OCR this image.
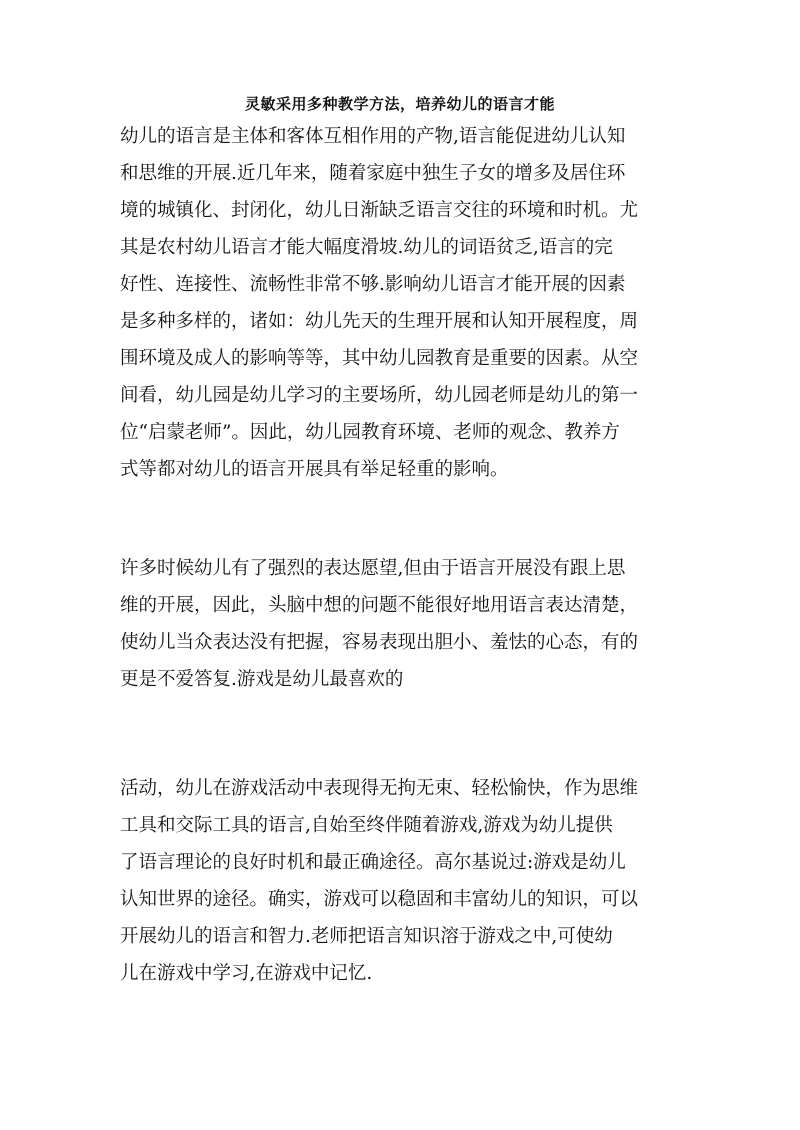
灵敏采用多种教学方法，培养幼儿的语言才能
幼儿的语言是主体和客体互相作用的产物,语言能促进幼儿认知
和思维的开展.近几年来，随着家庭中独生子女的增多及居住环
境的城镇化、封闭化，幼儿日渐缺乏语言交往的环境和时机。尤
其是农村幼儿语言才能大幅度滑坡.幼儿的词语贫乏,语言的完
好性、连接性、流畅性非常不够.影响幼儿语言才能开展的因素
是多种多样的，诸如：幼儿先天的生理开展和认知开展程度，周
围环境及成人的影响等等，其中幼儿园教育是重要的因素。从空
间看，幼儿园是幼儿学习的主要场所，幼儿园老师是幼儿的第一
位“启蒙老师”。因此，幼儿园教育环境、老师的观念、教养方
式等都对幼儿的语言开展具有举足轻重的影响。
许多时候幼儿有了强烈的表达愿望,但由于语言开展没有跟上思
维的开展，因此，头脑中想的问题不能很好地用语言表达清楚，
使幼儿当众表达没有把握，容易表现出胆小、羞怯的心态，有的
更是不爱答复.游戏是幼儿最喜欢的
活动，幼儿在游戏活动中表现得无拘无束、轻松愉快，作为思维
工具和交际工具的语言,自始至终伴随着游戏,游戏为幼儿提供
了语言理论的良好时机和最正确途径。高尔基说过:游戏是幼儿
认知世界的途径。确实，游戏可以稳固和丰富幼儿的知识，可以
开展幼儿的语言和智力.老师把语言知识溶于游戏之中,可使幼
儿在游戏中学习,在游戏中记忆.
